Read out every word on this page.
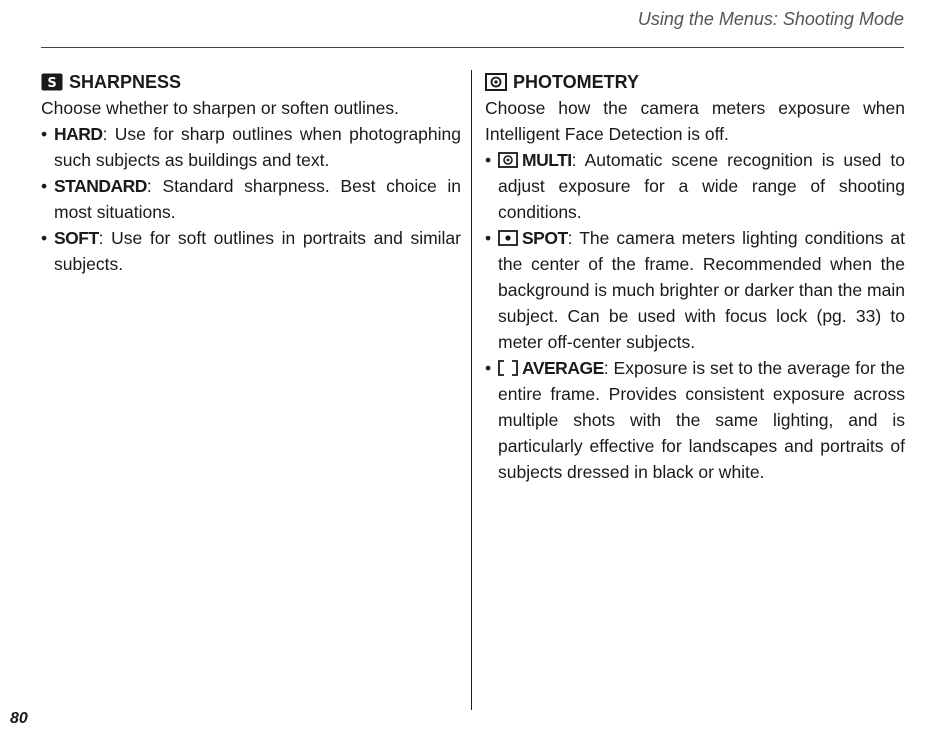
Using the Menus: Shooting Mode
S SHARPNESS

Choose whether to sharpen or soften outlines.

• HARD: Use for sharp outlines when photographing such subjects as buildings and text.
• STANDARD: Standard sharpness. Best choice in most situations.
• SOFT: Use for soft outlines in portraits and similar subjects.
PHOTOMETRY

Choose how the camera meters exposure when Intelligent Face Detection is off.

• MULTI: Automatic scene recognition is used to adjust exposure for a wide range of shooting conditions.
• SPOT: The camera meters lighting conditions at the center of the frame. Recommended when the background is much brighter or darker than the main subject. Can be used with focus lock (pg. 33) to meter off-center subjects.
• AVERAGE: Exposure is set to the average for the entire frame. Provides consistent exposure across multiple shots with the same lighting, and is particularly effective for landscapes and portraits of subjects dressed in black or white.
80
